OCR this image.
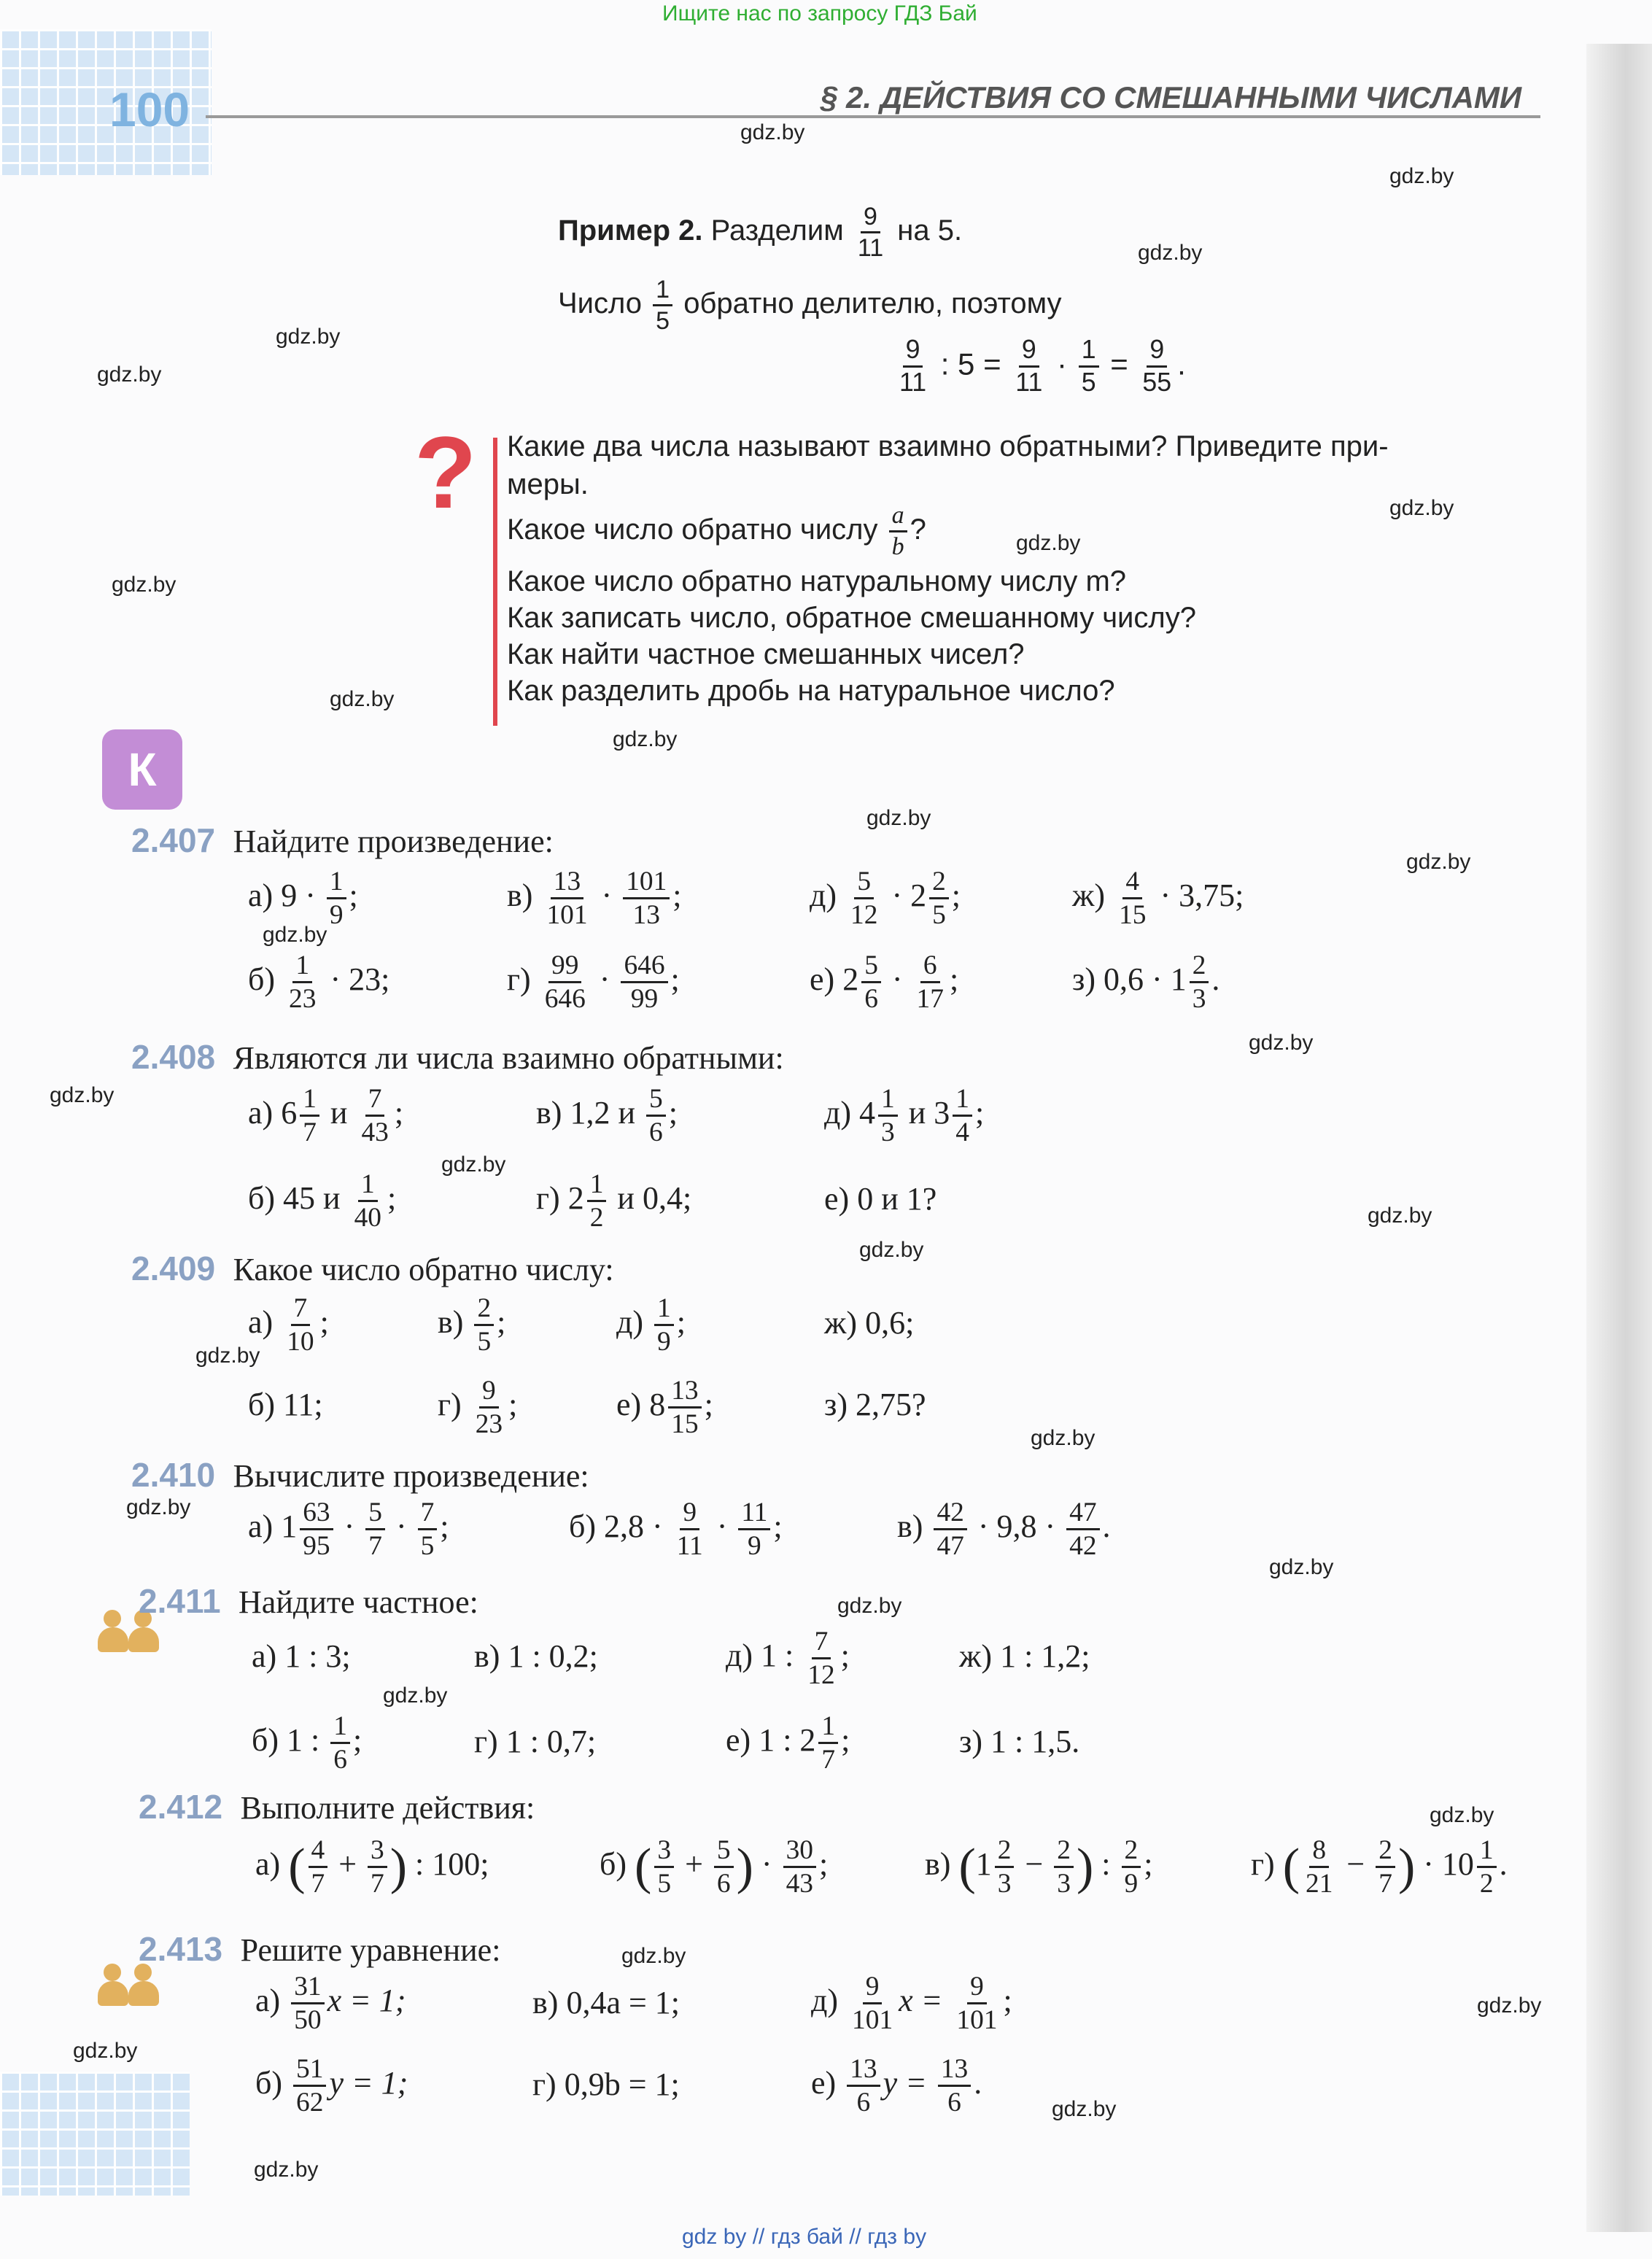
Ищите нас по запросу ГДЗ Бай
100	§ 2. ДЕЙСТВИЯ СО СМЕШАННЫМИ ЧИСЛАМИ
Пример 2. Разделим $\frac{9}{11}$ на 5.
Число $\frac{1}{5}$ обратно делителю, поэтому
$\frac{9}{11}$ : $5 = \frac{9}{11} \cdot \frac{1}{5} = \frac{9}{55}$ .
? Какие два числа называют взаимно обратными? Приведите при-
меры.
Какое число обратно числу $\frac{a}{b}$ ?
Какое число обратно натуральному числу m?
Как записать число, обратное смешанному числу?
Как найти частное смешанных чисел?
Как разделить дробь на натуральное число?
К
2.407 Найдите произведение:
а) $9 \cdot \frac{1}{9}$ ;	$в) \frac{13}{101} \cdot \frac{101}{13}$ ;	$д) \frac{5}{12} \cdot 2 \frac{2}{5}$ ;	$ж) \frac{4}{15} \cdot 3,75$;
$б) \frac{1}{23} \cdot 23$;	$г) \frac{99}{646} \cdot \frac{646}{99}$ ;	е) $2 \frac{5}{6} \cdot \frac{6}{17}$ ;	з) $0,6 \cdot 1 \frac{2}{3}$ .
2.408 Являются ли числа взаимно обратными:
а) $6 \frac{1}{7}$ и $\frac{7}{43}$ ;	в) 1,2 и $\frac{5}{6}$ ;	д) $4 \frac{1}{3}$ и $3 \frac{1}{4}$ ;
б) 45 и $\frac{1}{40}$ ;	г) $2 \frac{1}{2}$ и 0,4;	е) 0 и 1?
2.409 Какое число обратно числу:
$а) \frac{7}{10}$ ;	$в) \frac{2}{5}$ ;	$д) \frac{1}{9}$ ;	ж) 0,6;
б) 11;	$г) \frac{9}{23}$ ;	е) $8 \frac{13}{15}$ ;	з) 2,75?
2.410 Вычислите произведение:
а) $1 \frac{63}{95} \cdot \frac{5}{7} \cdot \frac{7}{5}$ ;	б) $2,8 \cdot \frac{9}{11} \cdot \frac{11}{9}$ ;	$в) \frac{42}{47} \cdot 9,8 \cdot \frac{47}{42}$ .
2.411 Найдите частное:
а) 1 : 3;	в) 1 : 0,2;	д) 1 : $\frac{7}{12}$ ;	ж) 1 : 1,2;
б) 1 : $\frac{1}{6}$ ;	г) 1 : 0,7;	е) 1 : $2 \frac{1}{7}$ ;	з) 1 : 1,5.
2.412 Выполните действия:
а) ( $\frac{4}{7} + \frac{3}{7}$ ) : 100;	б) ( $\frac{3}{5} + \frac{5}{6}$ ) · $\frac{30}{43}$ ;	в) ($1 \frac{2}{3} - \frac{2}{3}$ ) : $\frac{2}{9}$ ;	г) ( $\frac{8}{21} - \frac{2}{7}$ ) · $10 \frac{1}{2}$ .
2.413 Решите уравнение:
$а) \frac{31}{50}$ x = 1;	в) 0,4a = 1;	$д) \frac{9}{101}$ $x = \frac{9}{101}$ ;
$б) \frac{51}{62}$ y = 1;	г) 0,9b = 1;	$е) \frac{13}{6}$ $y = \frac{13}{6}$ .
gdz.by
gdz.by
gdz.by
gdz.by
gdz.by
gdz.by
gdz.by
gdz.by
gdz.by
gdz.by
gdz.by
gdz.by
gdz.by
gdz.by
gdz.by
gdz.by
gdz.by
gdz.by
gdz.by
gdz.by
gdz.by
gdz.by
gdz.by
gdz.by
gdz.by
gdz.by
gdz.by
gdz.by
gdz.by
gdz.by
gdz by // гдз бай // гдз by
